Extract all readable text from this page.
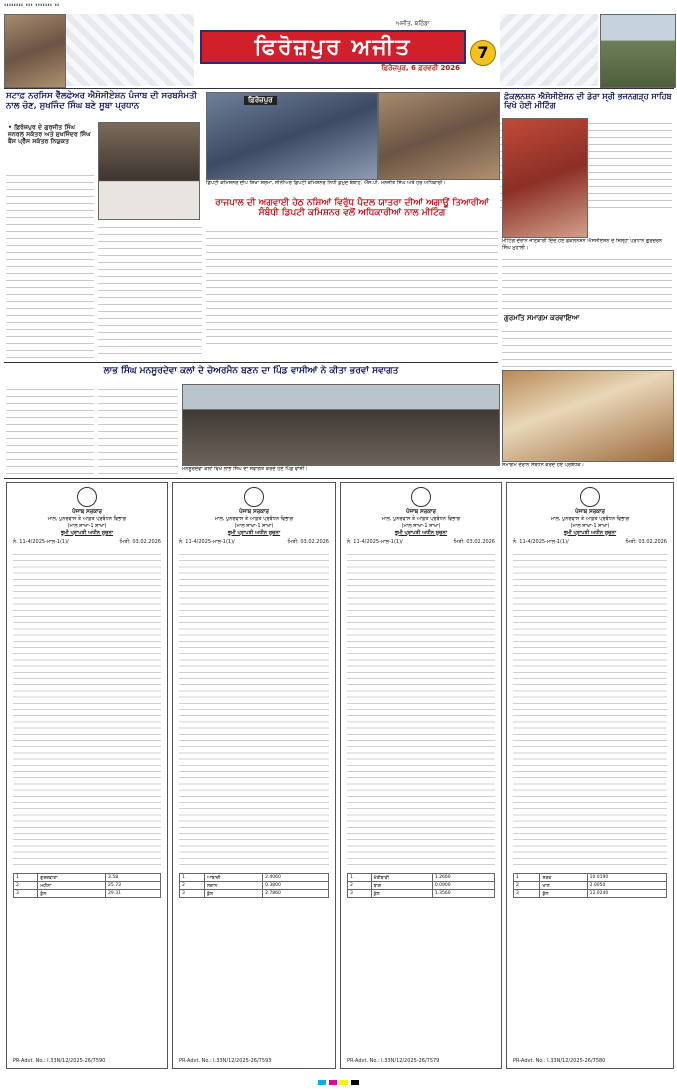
▮▮▮▮▮▮▮▮ ▮▮▮ ▮▮▮▮▮▮▮ ▮▮
ਫਿਰੋਜ਼ਪੁਰ ਅਜੀਤ
ਅਜੀਤ, ਬਠਿੰਡਾ
ਫ਼ਿਰੋਜ਼ਪੁਰ, 6 ਫ਼ਰਵਰੀ 2026
7
ਸਟਾਫ਼ ਨਰਸਿਸ ਵੈੱਲਫੇਅਰ ਐਸੋਸੀਏਸ਼ਨ ਪੰਜਾਬ ਦੀ ਸਰਬਸੰਮਤੀ ਨਾਲ ਚੋਣ, ਸੁਖਜਿੰਦ ਸਿੰਘ ਬਣੇ ਸੂਬਾ ਪ੍ਰਧਾਨ
• ਫ਼ਿਰੋਜ਼ਪੁਰ ਦੇ ਗੁਰਜੀਤ ਸਿੰਘ ਜਨਰਲ ਸਕੱਤਰ ਅਤੇ ਸੁਖਜਿੰਦਰ ਸਿੰਘ ਬੈਂਸ ਪ੍ਰੈੱਸ ਸਕੱਤਰ ਨਿਯੁਕਤ
ਫ਼ਿਰੋਜ਼ਪੁਰ
ਡਿਪਟੀ ਕਮਿਸ਼ਨਰ ਦੀਪ ਸ਼ਿਖਾ ਸ਼ਰਮਾ, ਸੀਨੀਅਰ ਡਿਪਟੀ ਕਮਿਸ਼ਨਰ ਨਿਧੀ ਕੁਮੁਦ ਬੰਬਾਹ, ਐੱਸ.ਪੀ. ਮਨਜੀਤ ਸਿੰਘ ਅਤੇ ਹੋਰ ਅਧਿਕਾਰੀ।
ਰਾਜਪਾਲ ਦੀ ਅਗਵਾਈ ਹੇਠ ਨਸ਼ਿਆਂ ਵਿਰੁੱਧ ਪੈਦਲ ਯਾਤਰਾ ਦੀਆਂ ਅਗਾਊਂ ਤਿਆਰੀਆਂ ਸੰਬੰਧੀ ਡਿਪਟੀ ਕਮਿਸ਼ਨਰ ਵਲੋਂ ਅਧਿਕਾਰੀਆਂ ਨਾਲ ਮੀਟਿੰਗ
ਫ਼ੋਕਲਨਸ਼ਨ ਐਸੋਸੀਏਸ਼ਨ ਦੀ ਡੇਰਾ ਸ੍ਰੀ ਭਜਨਗੜ੍ਹ ਸਾਹਿਬ ਵਿਖੇ ਹੋਈ ਮੀਟਿੰਗ
ਮੀਟਿੰਗ ਦੌਰਾਨ ਜਾਣਕਾਰੀ ਦਿੰਦੇ ਹੋਏ ਫੋਕਲਨਸ਼ਨ ਐਸੋਸੀਏਸ਼ਨ ਦੇ ਜ਼ਿਲ੍ਹਾ ਪ੍ਰਧਾਨ ਗੁਰਚਰਨ ਸਿੰਘ ਮੁਹਾਲੀ।
ਗੁਰਮਤਿ ਸਮਾਗਮ ਕਰਵਾਇਆ
ਸਮਾਗਮ ਦੌਰਾਨ ਸੰਬੋਧਨ ਕਰਦੇ ਹੋਏ ਪ੍ਰਬੰਧਕ।
ਲਾਭ ਸਿੰਘ ਮਨਸੂਰਦੇਵਾ ਕਲਾਂ ਦੇ ਚੇਅਰਮੈਨ ਬਣਨ ਦਾ ਪਿੰਡ ਵਾਸੀਆਂ ਨੇ ਕੀਤਾ ਭਰਵਾਂ ਸਵਾਗਤ
ਮਨਸੂਰਦੇਵਾ ਕਲਾਂ ਵਿਖੇ ਲਾਭ ਸਿੰਘ ਦਾ ਸਵਾਗਤ ਕਰਦੇ ਹੋਏ ਪਿੰਡ ਵਾਸੀ।
ਪੰਜਾਬ ਸਰਕਾਰ
ਮਾਲ, ਪੁਨਰਵਾਸ ਤੇ ਆਫ਼ਤ ਪ੍ਰਬੰਧਨ ਵਿਭਾਗ
(ਮਾਲ ਸ਼ਾਖਾ-1 ਸ਼ਾਖਾ)
ਭੂਮੀ ਪ੍ਰਾਪਤੀ ਅਧੀਨ ਸੂਚਨਾ
ਨੰ. 11-4/2025-ਮਾਲ-1(1)/	ਮਿਤੀ: 03.02.2026
1	ਗੁਰਦਵਾਰਾ	3.58
2	ਮਹੀਨਾ	25.73
3	ਕੁੱਲ	29.31
PR-Advt. No.: I.33N/12/2025-26/7590
ਪੰਜਾਬ ਸਰਕਾਰ
ਮਾਲ, ਪੁਨਰਵਾਸ ਤੇ ਆਫ਼ਤ ਪ੍ਰਬੰਧਨ ਵਿਭਾਗ
(ਮਾਲ ਸ਼ਾਖਾ-1 ਸ਼ਾਖਾ)
ਭੂਮੀ ਪ੍ਰਾਪਤੀ ਅਧੀਨ ਸੂਚਨਾ
ਨੰ. 11-4/2025-ਮਾਲ-1(1)/	ਮਿਤੀ: 03.02.2026
1	ਆਬਾਦੀ	2.4060
2	ਲਗਾਨ	0.3800
3	ਕੁੱਲ	2.7860
PR-Advt. No.: I.33N/12/2025-26/7593
ਪੰਜਾਬ ਸਰਕਾਰ
ਮਾਲ, ਪੁਨਰਵਾਸ ਤੇ ਆਫ਼ਤ ਪ੍ਰਬੰਧਨ ਵਿਭਾਗ
(ਮਾਲ ਸ਼ਾਖਾ-1 ਸ਼ਾਖਾ)
ਭੂਮੀ ਪ੍ਰਾਪਤੀ ਅਧੀਨ ਸੂਚਨਾ
ਨੰ. 11-4/2025-ਮਾਲ-1(1)/	ਮਿਤੀ: 03.02.2026
1	ਖੇਤੀਬਾੜੀ	1.2660
2	ਬਾਗ਼	0.0900
3	ਕੁੱਲ	1.3560
PR-Advt. No.: I.33N/12/2025-26/7579
ਪੰਜਾਬ ਸਰਕਾਰ
ਮਾਲ, ਪੁਨਰਵਾਸ ਤੇ ਆਫ਼ਤ ਪ੍ਰਬੰਧਨ ਵਿਭਾਗ
(ਮਾਲ ਸ਼ਾਖਾ-1 ਸ਼ਾਖਾ)
ਭੂਮੀ ਪ੍ਰਾਪਤੀ ਅਧੀਨ ਸੂਚਨਾ
ਨੰ. 11-4/2025-ਮਾਲ-1(1)/	ਮਿਤੀ: 03.02.2026
1	ਸੜਕ	10.0190
2	ਖਾਲ	2.0050
3	ਕੁੱਲ	12.0240
PR-Advt. No.: I.33N/12/2025-26/7580
